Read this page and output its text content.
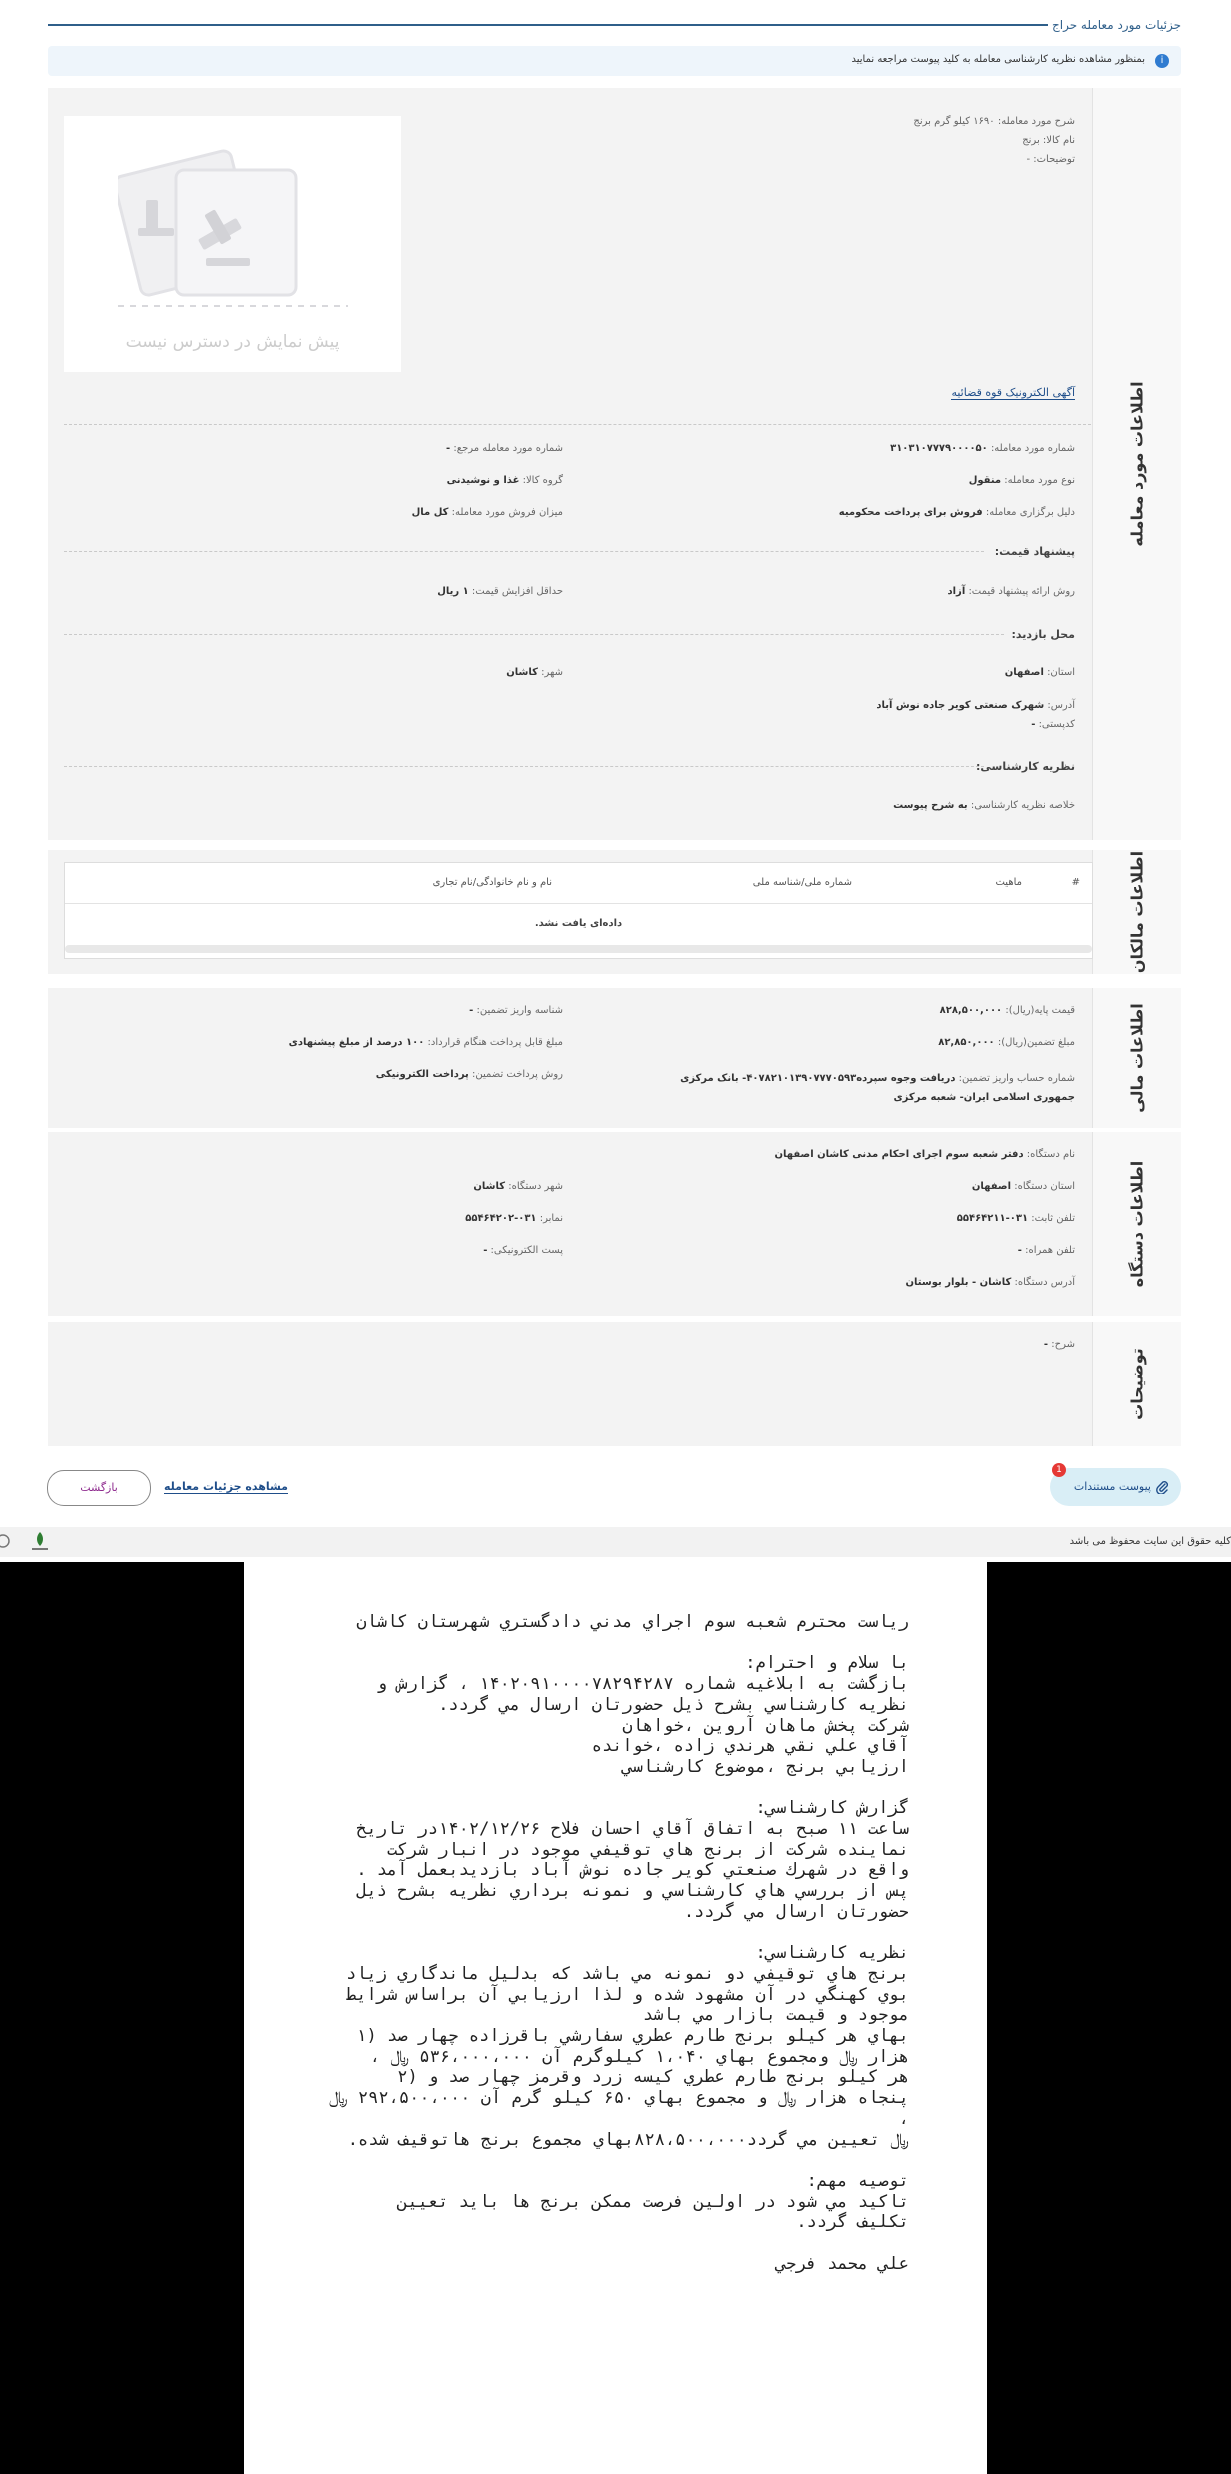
جزئیات مورد معامله حراج
i
بمنظور مشاهده نظریه کارشناسی معامله به کلید پیوست مراجعه نمایید
اطلاعات مورد معامله
شرح مورد معامله: ۱۶۹۰ کیلو گرم برنج
نام کالا: برنج
توضیحات: -
پیش نمایش در دسترس نیست
آگهی الکترونیک قوه قضائیه
شماره مورد معامله: ۳۱۰۳۱۰۷۷۷۹۰۰۰۰۵۰
شماره مورد معامله مرجع: -
نوع مورد معامله: منقول
گروه کالا: غذا و نوشیدنی
دلیل برگزاری معامله: فروش برای پرداخت محکومیه
میزان فروش مورد معامله: کل مال
پیشنهاد قیمت:
روش ارائه پیشنهاد قیمت: آزاد
حداقل افزایش قیمت: ۱ ریال
محل بازدید:
استان: اصفهان
شهر: کاشان
آدرس: شهرک صنعتی کویر جاده نوش آباد
کدپستی: -
نظریه کارشناسی:
خلاصه نظریه کارشناسی: به شرح پیوست
اطلاعات مالکان
#
ماهیت
شماره ملی/شناسه ملی
نام و نام خانوادگی/نام تجاری
داده‌ای یافت نشد.
اطلاعات مالی
قیمت پایه(ریال): ۸۲۸,۵۰۰,۰۰۰
شناسه واریز تضمین: -
مبلغ تضمین(ریال): ۸۲,۸۵۰,۰۰۰
مبلغ قابل پرداخت هنگام قرارداد: ۱۰۰ درصد از مبلغ پیشنهادی
شماره حساب واریز تضمین: دریافت وجوه سپرده۴۰۷۸۲۱۰۱۳۹۰۷۷۷۰۵۹۳- بانک مرکزی جمهوری اسلامی ایران- شعبه مرکزی
روش پرداخت تضمین: پرداخت الکترونیکی
اطلاعات دستگاه
نام دستگاه: دفتر شعبه سوم اجرای احکام مدنی کاشان اصفهان
استان دستگاه: اصفهان
شهر دستگاه: کاشان
تلفن ثابت: ۰۳۱-۵۵۴۶۴۲۱۱
نمابر: ۰۳۱-۵۵۴۶۴۲۰۲
تلفن همراه: -
پست الکترونیکی: -
آدرس دستگاه: کاشان - بلوار بوستان
توضیحات
شرح: -
1
پیوست مستندات
مشاهده جزئیات معامله
بازگشت
کلیه حقوق این سایت محفوظ می باشد
رياست محترم شعبه سوم اجراي مدني دادگستري شهرستان كاشان
با سلام و احترام:
بازگشت به ابلاغيه شماره ۱۴۰۲۰۹۱۰۰۰۰۷۸۲۹۴۲۸۷ ، گزارش و
نظريه كارشناسي بشرح ذيل حضورتان ارسال مي گردد.
شركت پخش ماهان آروين ،خواهان
آقاي علي نقي هرندي زاده ،خوانده
ارزيابي برنج ،موضوع كارشناسي
گزارش كارشناسي:
ساعت ۱۱ صبح به اتفاق آقاي احسان فلاح ۱۴۰۲/۱۲/۲۶در تاريخ
نماينده شركت از برنج هاي توقيفي موجود در انبار شركت
واقع در شهرك صنعتي كوير جاده نوش آباد بازديدبعمل آمد .
پس از بررسي هاي كارشناسي و نمونه برداري نظريه بشرح ذيل
حضورتان ارسال مي گردد.
نظريه كارشناسي:
برنج هاي توقيفي دو نمونه مي باشد كه بدليل ماندگاري زياد
بوي كهنگي در آن مشهود شده و لذا ارزيابي آن براساس شرايط
موجود و قيمت بازار مي باشد
بهاي هر كيلو برنج طارم عطري سفارشي باقرزاده چهار صد (۱
هزار ﷼ ومجموع بهاي ۱،۰۴۰ كيلوگرم آن ۵۳۶،۰۰۰،۰۰۰ ﷼ ،
هر كيلو برنج طارم عطري كيسه زرد وقرمز چهار صد و (۲
پنجاه هزار ﷼ و مجموع بهاي ۶۵۰ كيلو گرم آن ۲۹۲،۵۰۰،۰۰۰ ﷼
،
﷼ تعيين مي گردد۸۲۸،۵۰۰،۰۰۰بهاي مجموع برنج هاتوقيف شده.
توصيه مهم:
تاكيد مي شود در اولين فرصت ممكن برنج ها بايد تعيين
تكليف گردد.
علي محمد فرجي
